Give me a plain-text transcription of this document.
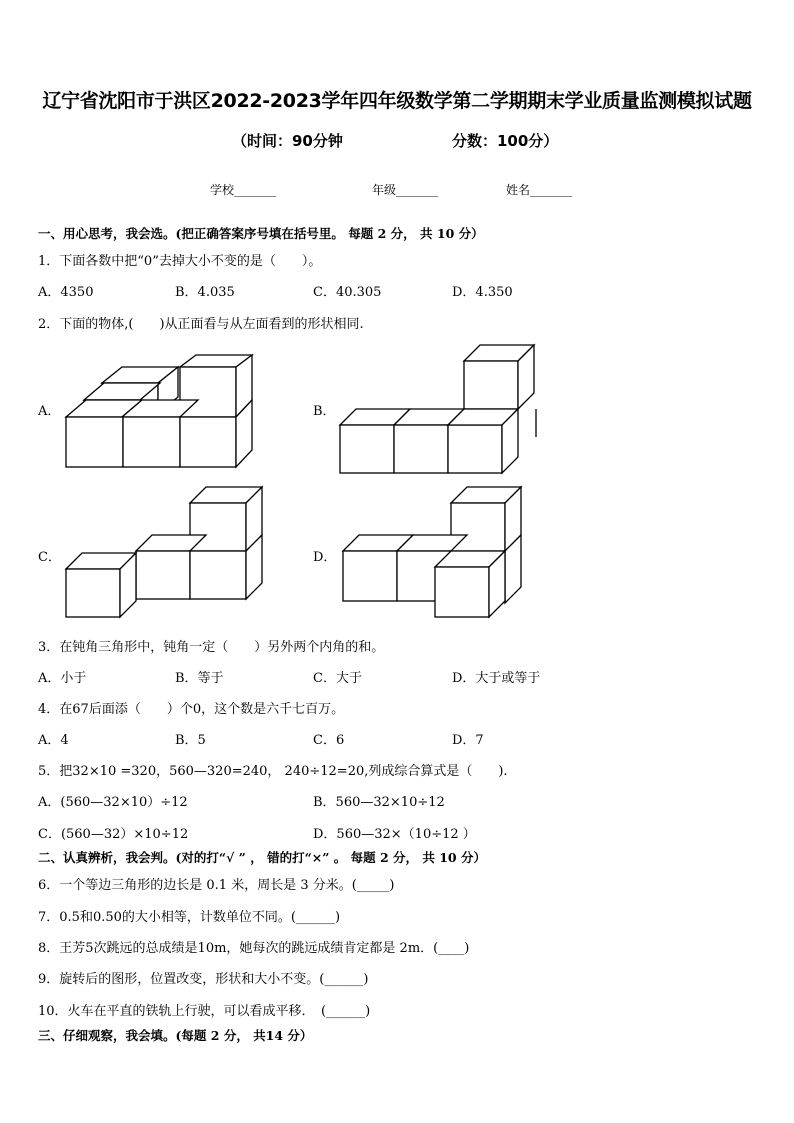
辽宁省沈阳市于洪区2022-2023学年四年级数学第二学期期末学业质量监测模拟试题
（时间：90分钟	分数：100分）
学校_______	年级_______	姓名_______
一、用心思考，我会选。(把正确答案序号填在括号里。 每题 2 分， 共 10 分）
1．下面各数中把“0”去掉大小不变的是（　　）。
A．4350	B．4.035	C．40.305	D．4.350
2．下面的物体,(　　)从正面看与从左面看到的形状相同.
A．	B．
C．	D．
3．在钝角三角形中，钝角一定（　　）另外两个内角的和。
A．小于	B．等于	C．大于	D．大于或等于
4．在67后面添（　　）个0，这个数是六千七百万。
A．4	B．5	C．6	D．7
5．把32×10 =320，560—320=240， 240÷12=20,列成综合算式是（　　).
A．(560—32×10）÷12	B．560—32×10÷12
C．(560—32）×10÷12	D．560—32×（10÷12 ）
二、认真辨析，我会判。(对的打“√ ” ， 错的打“×” 。 每题 2 分， 共 10 分）
6．一个等边三角形的边长是 0.1 米，周长是 3 分米。(_____)
7．0.5和0.50的大小相等，计数单位不同。(______)
8．王芳5次跳远的总成绩是10m，她每次的跳远成绩肯定都是 2m．(____)
9．旋转后的图形，位置改变，形状和大小不变。(______)
10．火车在平直的铁轨上行驶，可以看成平移．　(______)
三、仔细观察，我会填。(每题 2 分， 共14 分）
